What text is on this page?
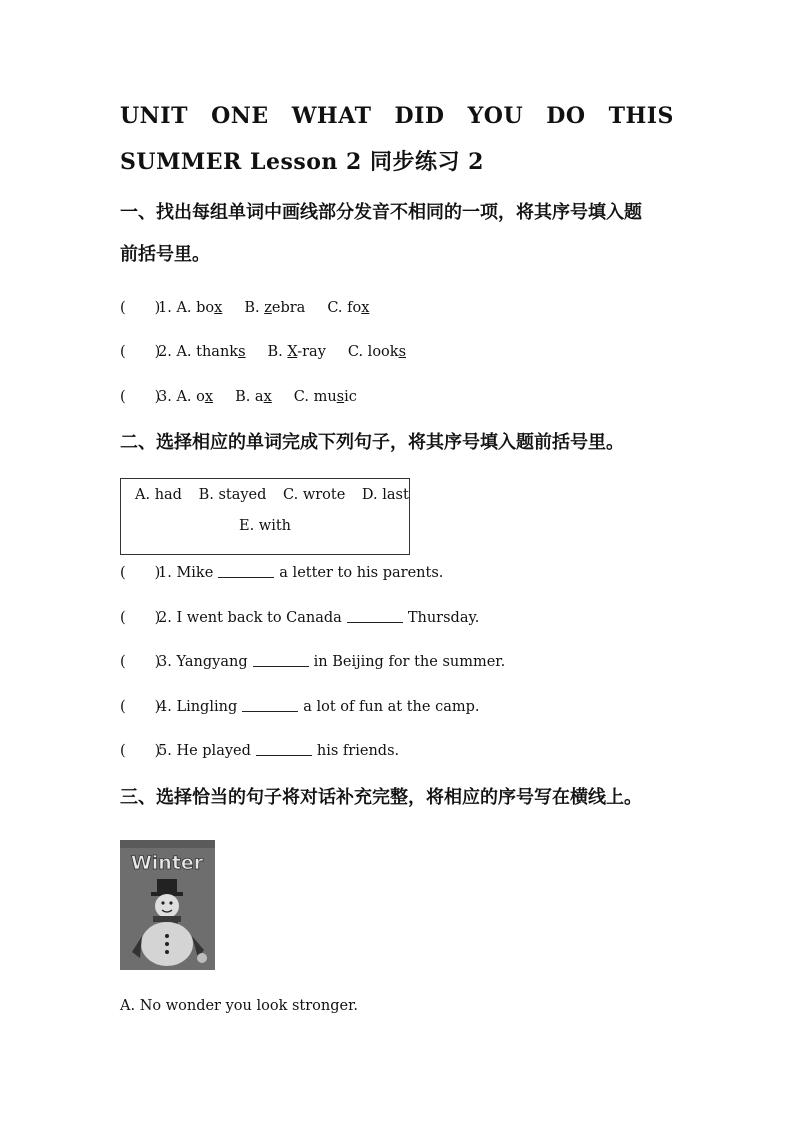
UNIT ONE WHAT DID YOU DO THIS
SUMMER Lesson 2 同步练习 2
一、找出每组单词中画线部分发音不相同的一项，将其序号填入题
前括号里。
(　　)1. A. box B. zebra C. fox
(　　)2. A. thanks B. X-ray C. looks
(　　)3. A. ox B. ax C. music
二、选择相应的单词完成下列句子，将其序号填入题前括号里。
A. had B. stayed C. wrote D. last
E. with
(　　)1. Mike	a letter to his parents.
(　　)2. I went back to Canada	Thursday.
(　　)3. Yangyang	in Beijing for the summer.
(　　)4. Lingling	a lot of fun at the camp.
(　　)5. He played	his friends.
三、选择恰当的句子将对话补充完整，将相应的序号写在横线上。
Winter
A. No wonder you look stronger.
